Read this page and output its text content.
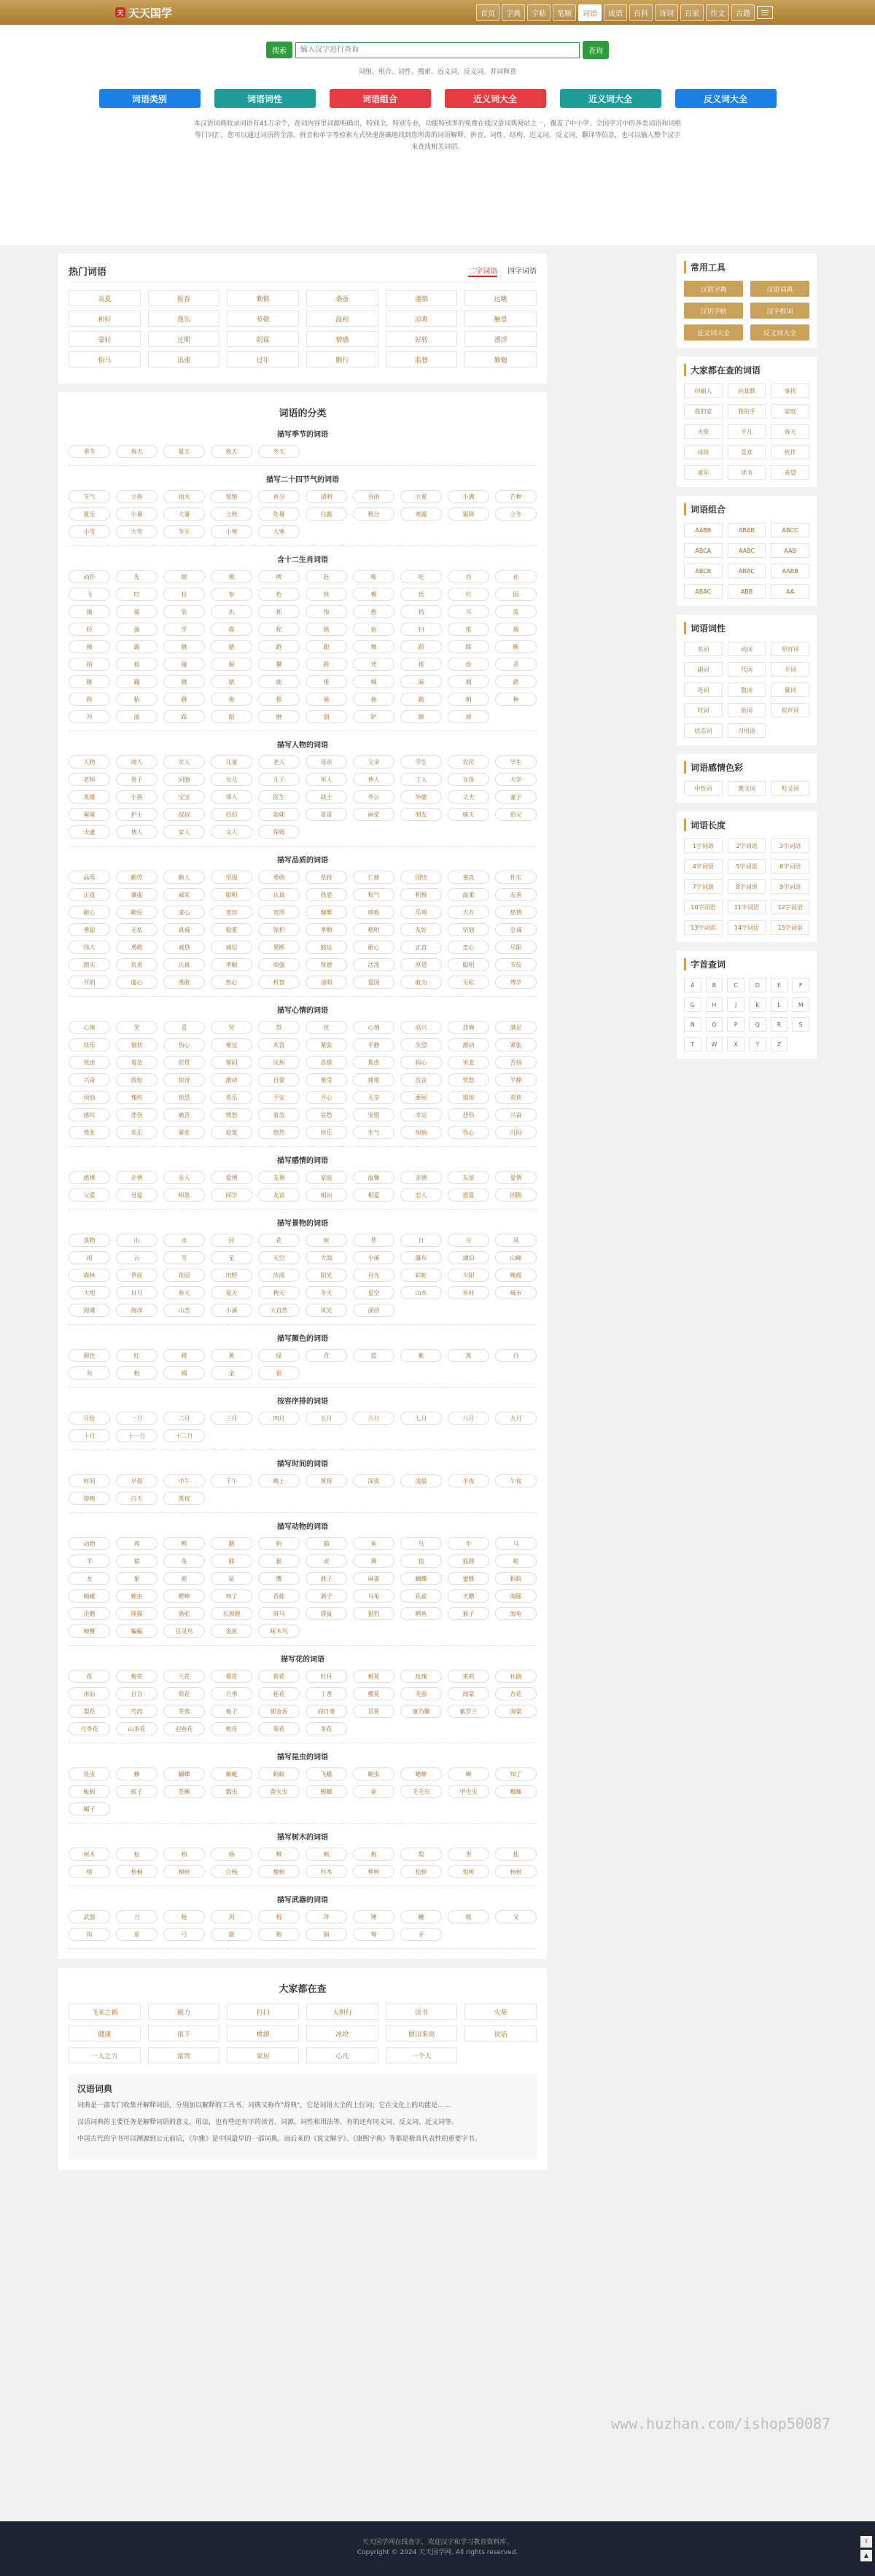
天 天天国学	首页	字典	字帖	笔顺	词语	成语	百科	诗词	百家	作文	古籍
搜索
输入汉字进行查询	查询
词组、组合、词性、搜索、近义词、反义词、普词释意
词语类别	词语词性	词语组合	近义词大全	近义词大全	反义词大全
本汉语词典收录词语有41万余个，查词内容里词源明确出，特别全，特别专业，功能特别多的免费在线汉语词典网站之一，覆盖了中小学、全国学习中的各类词语和词组等门词汇，您可以通过词语的全部、拼音和单字等检索方式快速准确地找到您所需的词语解释、拼音、词性、结构、近义词、反义词、翻译等信息，也可以输入整个汉字来查找相关词语。
热门词语	二字词语 四字词语
炎夏	报春	勤慎	桑蚕	谨慎	远眺
和好	逸乐	恭敬	温和	凉爽	触景
蒙好	过期	阴谋	情感	好转	漂浮
怡马	迅速	过年	勤行	监督	勤勉
词语的分类
描写季节的词语
季节	春天	夏天	秋天	冬天
描写二十四节气的词语
节气	立春	雨水	惊蛰	春分	清明	谷雨	立夏	小满	芒种
夏至	小暑	大暑	立秋	处暑	白露	秋分	寒露	霜降	立冬
小雪	大雪	冬至	小寒	大寒
含十二生肖词语
动作	先	眼	模	牌	赶	唯	吃	吞	社
飞	叮	拉	参	色	快	模	悟	打	国
撞	骑	装	扒	抓	饰	抱	扔	耳	流
轻	强	学	描	捏	摇	抬	扫	推	瑞
拂	踢	跳	踏	跑	跟	舞	蹈	踩	断
拍	抓	碰	掘	攀	跨	凭	推	扮	杀
跳	蹦	跳	踏	鹿	推	喊	凝	拥	踏
跨	粘	跳	拖	推	骑	抽	跪	刺	种
冲	滚	踩	蹈	磨	溜	铲	锄	掉
描写人物的词语
人物	商人	女人	儿童	老人	母亲	父亲	学生	农民	学生
老师	男子	同胞	女儿	儿子	军人	情人	工人	女孩	大学
英雄	小孩	宝宝	邻人	医生	战士	外公	外婆	丈夫	妻子
舅舅	护士	叔叔	伯伯	姐妹	哥哥	画家	朋友	姊夫	伯父
夫妻	情人	家人	文人	保姆
描写品质的词语
品质	勤劳	勤人	坚强	勇敢	坚持	仁慈	团结	善良	朴实
正直	谦虚	诚实	聪明	认真	热爱	和气	积极	温柔	友善
耐心	勤俭	虚心	宽容	宽厚	慷慨	细致	乐观	大方	热情
勇猛	无私	真诚	稳重	保护	孝顺	精明	友好	坚韧	忠诚
伟大	勇敢	诚恳	诚信	果断	豁达	耐心	正直	忠心	尽职
踏实	负责	认真	孝顺	顽强	贤德	活泼	厚道	聪明	节俭
开朗	虚心	勇敢	热心	机智	清明	爱国	敢为	无私	博学
描写心情的词语
心情	笑	喜	哭	怒	忧	心情	高兴	悲痛	满足
快乐	愉快	伤心	难过	欢喜	紧张	平静	失望	激动	紧张
忧虑	着急	欣赏	郁闷	厌烦	恐惧	焦虑	担心	害羞	苦恼
兴奋	放松	惊讶	激动	自豪	难受	疲倦	沮丧	忧愁	平静
烦恼	愧疚	惊恐	欢乐	不安	开心	无奈	委屈	震惊	欢快
感叹	悲伤	痛苦	愤怒	着急	哀愁	安慰	幸运	悲伤	兴奋
慌张	欢乐	紧张	寂寞	悠然	快乐	生气	烦恼	伤心	沉闷
描写感情的词语
感情	亲情	亲人	爱情	友情	家庭	温馨	亲情	友谊	爱情
父爱	母爱	师恩	同学	友谊	相识	相爱	恋人	恩爱	团圆
描写景物的词语
景物	山	水	河	花	树	草	日	月	风
雨	云	雪	星	天空	大海	小溪	瀑布	湖泊	山峰
森林	草原	花园	田野	沙漠	阳光	月光	彩虹	夕阳	晚霞
大地	日月	春天	夏天	秋天	冬天	星空	山水	乡村	城市
海滩	海洋	山峦	小溪	大自然	风光	湖泊
描写颜色的词语
颜色	红	橙	黄	绿	青	蓝	紫	黑	白
灰	粉	褐	金	银
按容序排的词语
月份	一月	二月	三月	四月	五月	六月	七月	八月	九月
十月	十一月	十二月
描写时间的词语
时间	早晨	中午	下午	晚上	黄昏	深夜	凌晨	半夜	午夜
傍晚	白天	黑夜
描写动物的词语
动物	鸡	鸭	鹅	狗	猫	鱼	鸟	牛	马
羊	猪	兔	熊	猴	虎	狮	狼	狐狸	蛇
龙	象	鹿	鼠	鹰	燕子	麻雀	蝴蝶	蜜蜂	蚂蚁
蜻蜓	蝗虫	蟋蟀	知了	青蛙	鸽子	乌龟	孔雀	天鹅	海豚
企鹅	熊猫	骆驼	长颈鹿	斑马	袋鼠	猎豹	鳄鱼	猴子	海龟
螃蟹	蝙蝠	百灵鸟	金鱼	啄木鸟
描写花的词语
花	梅花	兰花	菊花	荷花	牡丹	桃花	玫瑰	茉莉	杜鹃
水仙	百合	荷花	月季	桂花	丁香	樱花	芙蓉	海棠	杏花
梨花	芍药	芙蓉	栀子	郁金香	向日葵	昙花	康乃馨	紫罗兰	海棠
月季花	山茶花	迎春花	桃花	菊花	茶花
描写昆虫的词语
昆虫	蜂	蝴蝶	蜻蜓	蚂蚁	飞蛾	蝗虫	蟋蟀	蝉	知了
蚯蚓	蚊子	苍蝇	瓢虫	萤火虫	螳螂	蚕	毛毛虫	甲壳虫	蜘蛛
蝎子
描写树木的词语
树木	松	柏	杨	柳	枫	桃	梨	杏	桂
榕	梧桐	樟树	白杨	橡树	杉木	桦树	松树	柏树	杨树
描写武器的词语
武器	刀	枪	剑	棍	斧	锤	鞭	戟	叉
钩	盾	弓	箭	炮	锏	弩	矛
大家都在查
飞来之祸	磁力	打扫	大胆行	读书	火柴
健康	雨下	桃源	冰块	做出来说	说话
一人之力	富贵	家居	心凡	一个人
汉语词典

词典是一部专门收集并解释词语，分别加以解释的工具书。词典又称作"辞典"，它是词语大全的上位词；它在文化上的功能是……

汉语词典的主要任务是解释词语的意义、用法，也有些还有字的读音、词源、词性和用法等。有的还有同义词、反义词、近义词等。

中国古代的字书可以溯源到公元前后，《尔雅》是中国最早的一部词典，而后来的《说文解字》、《康熙字典》等都是极具代表性的重要字书。

常用工具
汉语字典	汉语词典
汉语字帖	汉字组词
近义词大全	反义词大全
大家都在查的词语
印刷人	向某默	事找
我的家	我的手	家庭
火柴	平凡	春天
冰块	喜欢	伙伴
童年	读书	希望
词语组合
AABB	ABAB	ABCC
ABCA	AABC	AAB
ABCB	ABAC	AABB
ABAC	ABB	AA
词语词性
名词	动词	形容词
副词	代词	介词
连词	数词	量词
叹词	助词	拟声词
状态词	习用语
词语感情色彩
中性词	褒义词	贬义词
词语长度
1字词语	2字词语	3字词语
4字词语	5字词语	6字词语
7字词语	8字词语	9字词语
10字词语	11字词语	12字词语
13字词语	14字词语	15字词语
字首查词
A	B	C	D	E	F
G	H	J	K	L	M
N	O	P	Q	R	S
T	W	X	Y	Z
www.huzhan.com/ishop50087
天天国学网在线查字，欢迎汉字和学习教育资料库。
Copyright © 2024 天天国学网. All rights reserved.
⇪
▲
